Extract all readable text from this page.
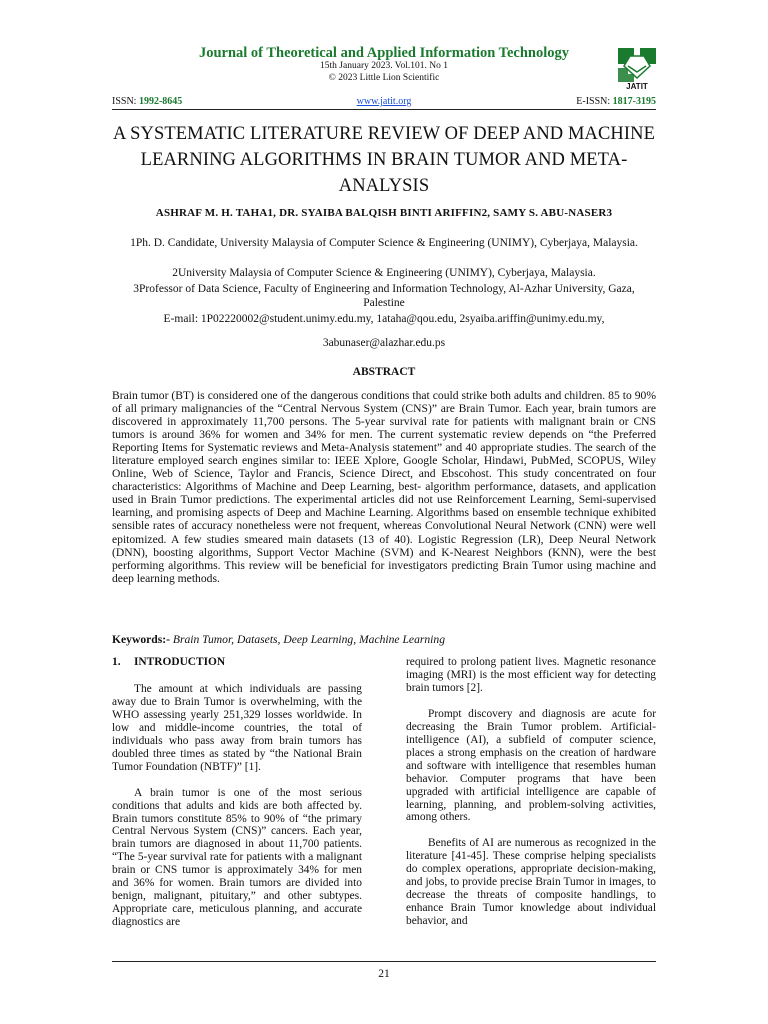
Journal of Theoretical and Applied Information Technology
15th January 2023. Vol.101. No 1
© 2023 Little Lion Scientific
JATIT
ISSN: 1992-8645	www.jatit.org	E-ISSN: 1817-3195
A SYSTEMATIC LITERATURE REVIEW OF DEEP AND MACHINE LEARNING ALGORITHMS IN BRAIN TUMOR AND META-ANALYSIS
ASHRAF M. H. TAHA1, DR. SYAIBA BALQISH BINTI ARIFFIN2, SAMY S. ABU-NASER3
1Ph. D. Candidate, University Malaysia of Computer Science & Engineering (UNIMY), Cyberjaya, Malaysia.
2University Malaysia of Computer Science & Engineering (UNIMY), Cyberjaya, Malaysia.
3Professor of Data Science, Faculty of Engineering and Information Technology, Al-Azhar University, Gaza, Palestine
E-mail: 1P02220002@student.unimy.edu.my, 1ataha@qou.edu, 2syaiba.ariffin@unimy.edu.my,
3abunaser@alazhar.edu.ps
ABSTRACT

Brain tumor (BT) is considered one of the dangerous conditions that could strike both adults and children. 85 to 90% of all primary malignancies of the “Central Nervous System (CNS)” are Brain Tumor. Each year, brain tumors are discovered in approximately 11,700 persons. The 5-year survival rate for patients with malignant brain or CNS tumors is around 36% for women and 34% for men. The current systematic review depends on “the Preferred Reporting Items for Systematic reviews and Meta-Analysis statement” and 40 appropriate studies. The search of the literature employed search engines similar to: IEEE Xplore, Google Scholar, Hindawi, PubMed, SCOPUS, Wiley Online, Web of Science, Taylor and Francis, Science Direct, and Ebscohost. This study concentrated on four characteristics: Algorithms of Machine and Deep Learning, best- algorithm performance, datasets, and application used in Brain Tumor predictions. The experimental articles did not use Reinforcement Learning, Semi-supervised learning, and promising aspects of Deep and Machine Learning. Algorithms based on ensemble technique exhibited sensible rates of accuracy nonetheless were not frequent, whereas Convolutional Neural Network (CNN) were well epitomized. A few studies smeared main datasets (13 of 40). Logistic Regression (LR), Deep Neural Network (DNN), boosting algorithms, Support Vector Machine (SVM) and K-Nearest Neighbors (KNN), were the best performing algorithms. This review will be beneficial for investigators predicting Brain Tumor using machine and deep learning methods.

Keywords:- Brain Tumor, Datasets, Deep Learning, Machine Learning
1. INTRODUCTION

The amount at which individuals are passing away due to Brain Tumor is overwhelming, with the WHO assessing yearly 251,329 losses worldwide. In low and middle-income countries, the total of individuals who pass away from brain tumors has doubled three times as stated by “the National Brain Tumor Foundation (NBTF)” [1].

A brain tumor is one of the most serious conditions that adults and kids are both affected by. Brain tumors constitute 85% to 90% of “the primary Central Nervous System (CNS)” cancers. Each year, brain tumors are diagnosed in about 11,700 patients. “The 5-year survival rate for patients with a malignant brain or CNS tumor is approximately 34% for men and 36% for women. Brain tumors are divided into benign, malignant, pituitary,” and other subtypes. Appropriate care, meticulous planning, and accurate diagnostics are

required to prolong patient lives. Magnetic resonance imaging (MRI) is the most efficient way for detecting brain tumors [2].

Prompt discovery and diagnosis are acute for decreasing the Brain Tumor problem. Artificial-intelligence (AI), a subfield of computer science, places a strong emphasis on the creation of hardware and software with intelligence that resembles human behavior. Computer programs that have been upgraded with artificial intelligence are capable of learning, planning, and problem-solving activities, among others.

Benefits of AI are numerous as recognized in the literature [41-45]. These comprise helping specialists do complex operations, appropriate decision-making, and jobs, to provide precise Brain Tumor in images, to decrease the threats of composite handlings, to enhance Brain Tumor knowledge about individual behavior, and

21
